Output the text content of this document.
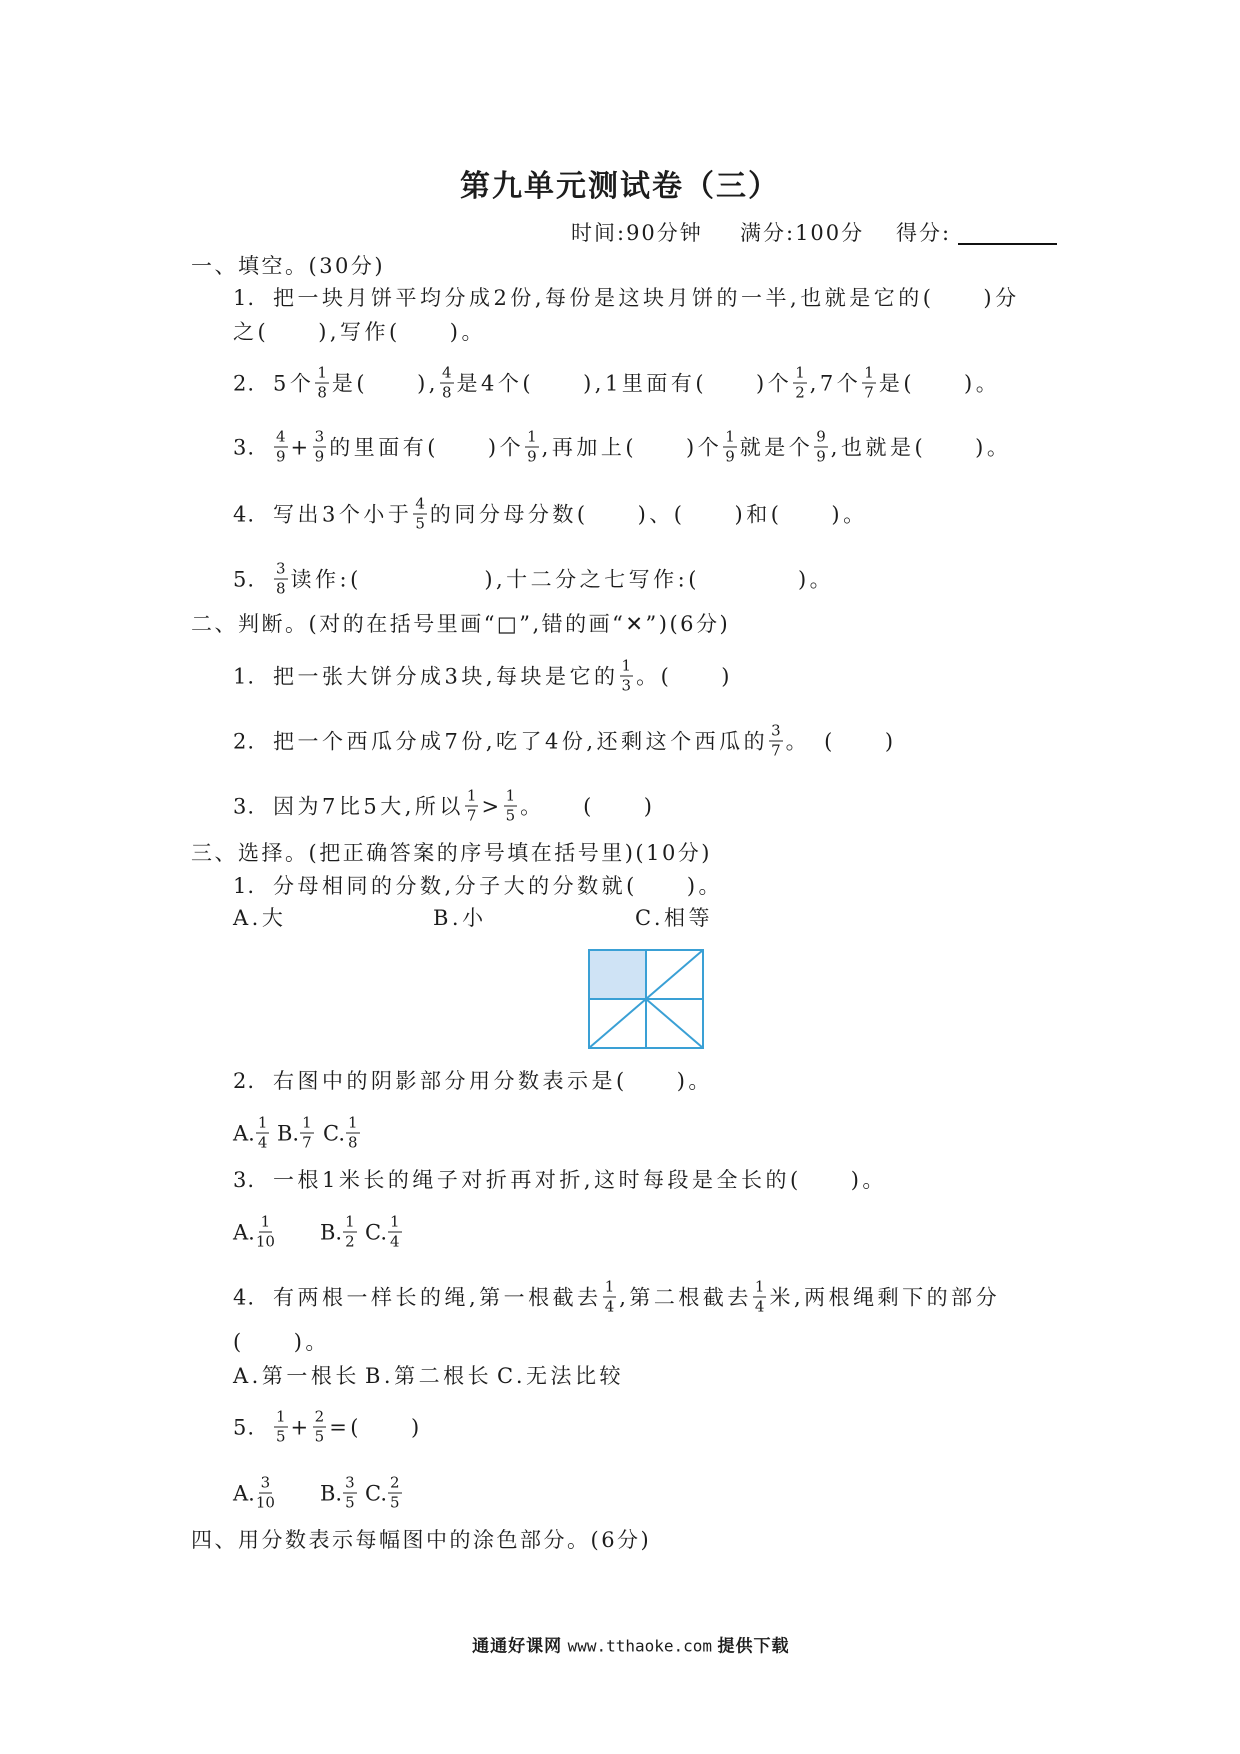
第九单元测试卷（三）
时间:90分钟 满分:100分 得分:
一、填空。(30分)
1. 把一块月饼平均分成2份,每份是这块月饼的一半,也就是它的(　　)分
之(　　),写作(　　)。
2. 5个 $\frac{1}{8}$ 是(　　), $\frac{4}{8}$ 是4个(　　),1里面有(　　)个 $\frac{1}{2} ,7$个 $\frac{1}{7}$ 是(　　)。
3.	$\frac{4}{9} + \frac{3}{9}$ 的里面有(　　)个 $\frac{1}{9}$ ,再加上(　　)个 $\frac{1}{9}$ 就是个 $\frac{9}{9}$ ,也就是(　　)。
4. 写出3个小于 $\frac{4}{5}$ 的同分母分数(　　)、(　　)和(　　)。
5.	$\frac{3}{8}$ 读作:(　　　　　),十二分之七写作:(　　　　)。
二、判断。(对的在括号里画“□”,错的画“✕”)(6分)
1. 把一张大饼分成3块,每块是它的 $\frac{1}{3}$ 。(　　)
2. 把一个西瓜分成7份,吃了4份,还剩这个西瓜的 $\frac{3}{7}$ 。　(　　)
3. 因为7比5大,所以 $\frac{1}{7} > \frac{1}{5}$ 。　　(　　)
三、选择。(把正确答案的序号填在括号里)(10分)
1. 分母相同的分数,分子大的分数就(　　)。
A.大	B.小	C.相等
2. 右图中的阴影部分用分数表示是(　　)。
A. $\frac{1}{4} B$. $\frac{1}{7} C$. $\frac{1}{8}$
3. 一根1米长的绳子对折再对折,这时每段是全长的(　　)。
A. $\frac{1}{10} B$. $\frac{1}{2} C$. $\frac{1}{4}$
4. 有两根一样长的绳,第一根截去 $\frac{1}{4}$ ,第二根截去 $\frac{1}{4}$ 米,两根绳剩下的部分
(　　)。
A.第一根长 B.第二根长 C.无法比较
5.	$\frac{1}{5} + \frac{2}{5}$ =(　　)
A. $\frac{3}{10} B$. $\frac{3}{5} C$. $\frac{2}{5}$
四、用分数表示每幅图中的涂色部分。(6分)

通通好课网 www.tthaoke.com 提供下载
